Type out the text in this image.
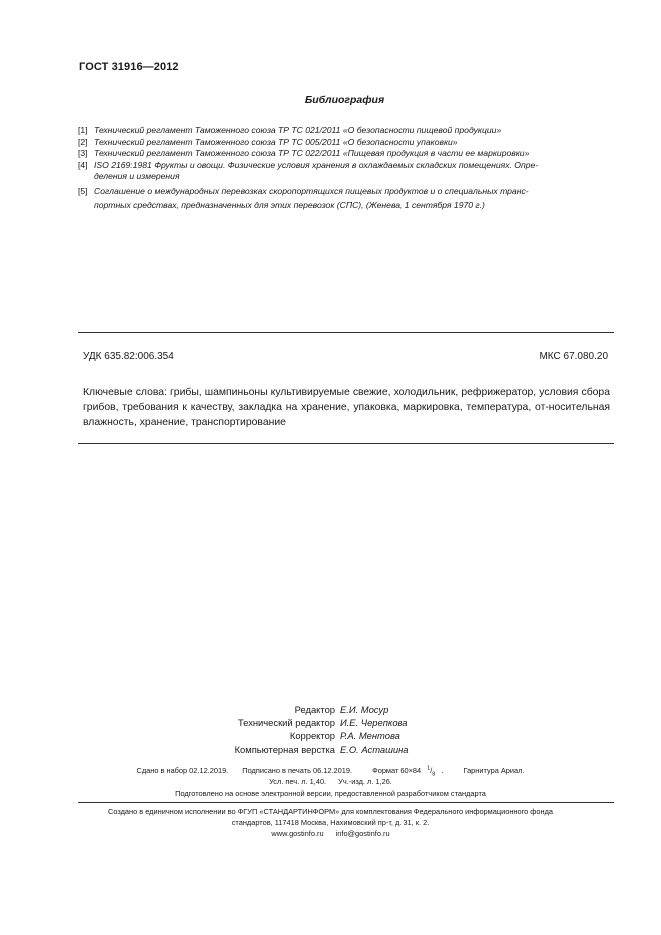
ГОСТ 31916—2012
Библиография
[1] Технический регламент Таможенного союза ТР ТС 021/2011 «О безопасности пищевой продукции»
[2] Технический регламент Таможенного союза ТР ТС 005/2011 «О безопасности упаковки»
[3] Технический регламент Таможенного союза ТР ТС 022/2011 «Пищевая продукция в части ее маркировки»
[4] ISO 2169:1981 Фрукты и овощи. Физические условия хранения в охлаждаемых складских помещениях. Опре-
деления и измерения
[5] Соглашение о международных перевозках скоропортящихся пищевых продуктов и о специальных транс-
портных средствах, предназначенных для этих перевозок (СПС), (Женева, 1 сентября 1970 г.)
УДК 635.82:006.354	МКС 67.080.20
Ключевые слова: грибы, шампиньоны культивируемые свежие, холодильник, рефрижератор, условия сбора грибов, требования к качеству, закладка на хранение, упаковка, маркировка, температура, от-носительная влажность, хранение, транспортирование
Редактор Е.И. Мосур
Технический редактор И.Е. Черепкова
Корректор Р.А. Ментова
Компьютерная верстка Е.О. Асташина
Сдано в набор 02.12.2019. Подписано в печать 06.12.2019.	Формат 60×84 $^1/_8$ .	Гарнитура Ариал.
Усл. печ. л. 1,40. Уч.-изд. л. 1,26.
Подготовлено на основе электронной версии, предоставленной разработчиком стандарта
Создано в единичном исполнении во ФГУП «СТАНДАРТИНФОРМ» для комплектования Федерального информационного фонда
стандартов, 117418 Москва, Нахимовский пр-т, д. 31, к. 2.
www.gostinfo.ru info@gostinfo.ru
